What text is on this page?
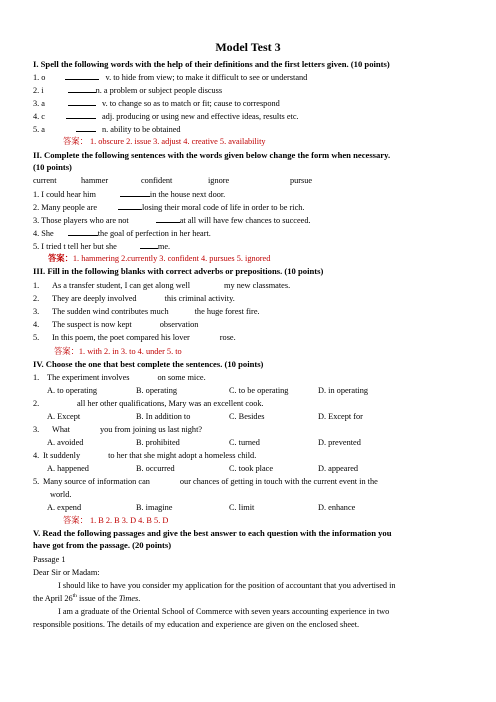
Model Test 3
I. Spell the following words with the help of their definitions and the first letters given. (10 points)
1. o	v. to hide from view; to make it difficult to see or understand
2. i	n. a problem or subject people discuss
3. a	v. to change so as to match or fit; cause to correspond
4. c	adj. producing or using new and effective ideas, results etc.
5. a	n. ability to be obtained
答案： 1. obscure 2. issue 3. adjust 4. creative 5. availability
II. Complete the following sentences with the words given below change the form when necessary.
(10 points)
current	hammer	confident	ignore	pursue
1. I could hear him	in the house next door.
2. Many people are	losing their moral code of life in order to be rich.
3. Those players who are not	at all will have few chances to succeed.
4. She	the goal of perfection in her heart.
5. I tried t tell her but she	me.
答案：1. hammering 2.currently 3. confident 4. pursues 5. ignored
III. Fill in the following blanks with correct adverbs or prepositions. (10 points)
1. As a transfer student, I can get along well	my new classmates.
2. They are deeply involved	this criminal activity.
3. The sudden wind contributes much	the huge forest fire.
4. The suspect is now kept	observation
5. In this poem, the poet compared his lover	rose.
答案：1. with 2. in 3. to 4. under 5. to
IV. Choose the one that best complete the sentences. (10 points)
1. The experiment involves	on some mice.
A. to operating	B. operating	C. to be operating	D. in operating
2.	all her other qualifications, Mary was an excellent cook.
A. Except	B. In addition to	C. Besides	D. Except for
3. What	you from joining us last night?
A. avoided	B. prohibited	C. turned	D. prevented
4. It suddenly	to her that she might adopt a homeless child.
A. happened	B. occurred	C. took place	D. appeared
5. Many source of information can	our chances of getting in touch with the current event in the
world.
A. expend	B. imagine	C. limit	D. enhance
答案： 1. B 2. B 3. D 4. B 5. D
V. Read the following passages and give the best answer to each question with the information you
have got from the passage. (20 points)
Passage 1
Dear Sir or Madam:
I should like to have you consider my application for the position of accountant that you advertised in
the April 26th issue of the Times.
I am a graduate of the Oriental School of Commerce with seven years accounting experience in two
responsible positions. The details of my education and experience are given on the enclosed sheet.
